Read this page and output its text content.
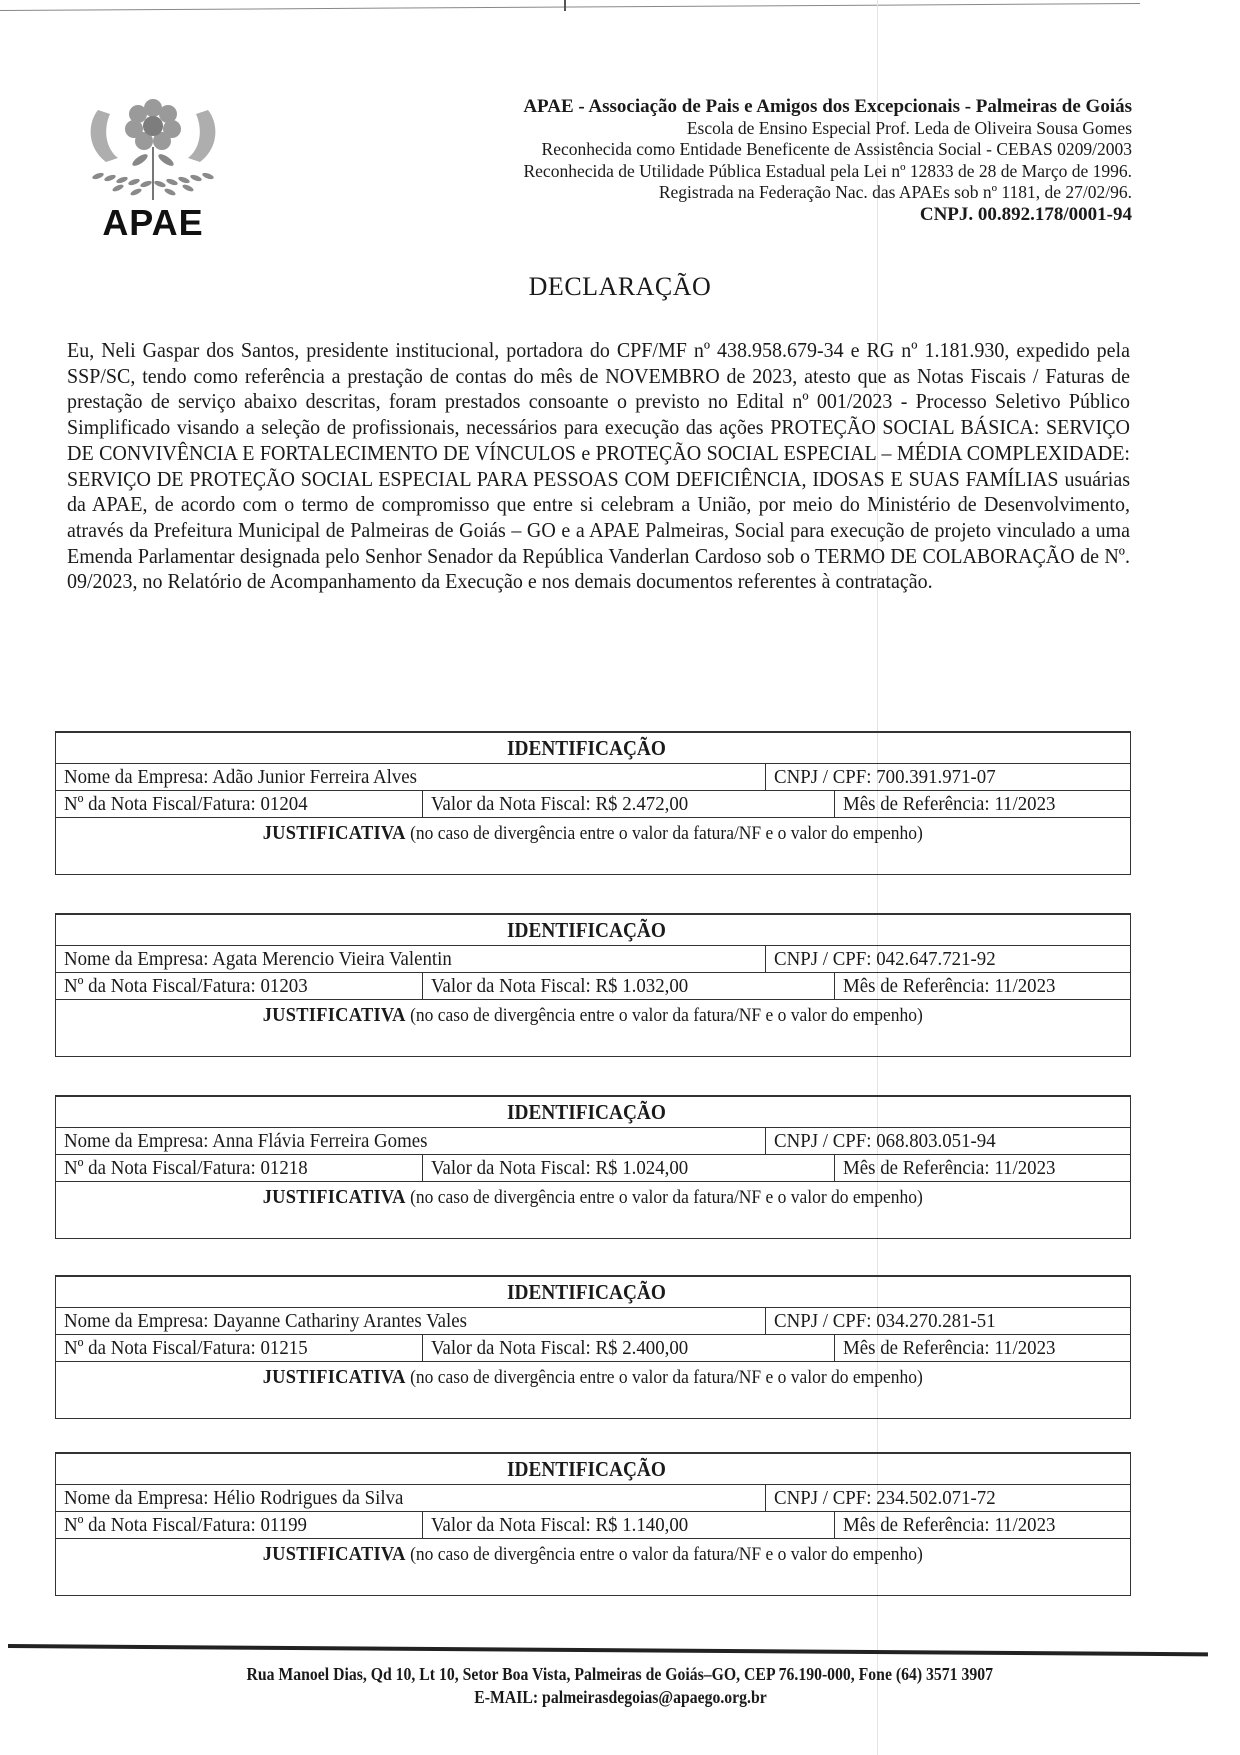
APAE
APAE - Associação de Pais e Amigos dos Excepcionais - Palmeiras de Goiás
Escola de Ensino Especial Prof. Leda de Oliveira Sousa Gomes
Reconhecida como Entidade Beneficente de Assistência Social - CEBAS 0209/2003
Reconhecida de Utilidade Pública Estadual pela Lei nº 12833 de 28 de Março de 1996.
Registrada na Federação Nac. das APAEs sob nº 1181, de 27/02/96.
CNPJ. 00.892.178/0001-94
DECLARAÇÃO
Eu, Neli Gaspar dos Santos, presidente institucional, portadora do CPF/MF nº 438.958.679-34 e RG nº 1.181.930, expedido pela SSP/SC, tendo como referência a prestação de contas do mês de NOVEMBRO de 2023, atesto que as Notas Fiscais / Faturas de prestação de serviço abaixo descritas, foram prestados consoante o previsto no Edital nº 001/2023 - Processo Seletivo Público Simplificado visando a seleção de profissionais, necessários para execução das ações PROTEÇÃO SOCIAL BÁSICA: SERVIÇO DE CONVIVÊNCIA E FORTALECIMENTO DE VÍNCULOS e PROTEÇÃO SOCIAL ESPECIAL – MÉDIA COMPLEXIDADE: SERVIÇO DE PROTEÇÃO SOCIAL ESPECIAL PARA PESSOAS COM DEFICIÊNCIA, IDOSAS E SUAS FAMÍLIAS usuárias da APAE, de acordo com o termo de compromisso que entre si celebram a União, por meio do Ministério de Desenvolvimento, através da Prefeitura Municipal de Palmeiras de Goiás – GO e a APAE Palmeiras, Social para execução de projeto vinculado a uma Emenda Parlamentar designada pelo Senhor Senador da República Vanderlan Cardoso sob o TERMO DE COLABORAÇÃO de Nº. 09/2023, no Relatório de Acompanhamento da Execução e nos demais documentos referentes à contratação.
IDENTIFICAÇÃO
Nome da Empresa: Adão Junior Ferreira Alves	CNPJ / CPF: 700.391.971-07
Nº da Nota Fiscal/Fatura: 01204	Valor da Nota Fiscal: R$ 2.472,00	Mês de Referência: 11/2023
JUSTIFICATIVA (no caso de divergência entre o valor da fatura/NF e o valor do empenho)
IDENTIFICAÇÃO
Nome da Empresa: Agata Merencio Vieira Valentin	CNPJ / CPF: 042.647.721-92
Nº da Nota Fiscal/Fatura: 01203	Valor da Nota Fiscal: R$ 1.032,00	Mês de Referência: 11/2023
JUSTIFICATIVA (no caso de divergência entre o valor da fatura/NF e o valor do empenho)
IDENTIFICAÇÃO
Nome da Empresa: Anna Flávia Ferreira Gomes	CNPJ / CPF: 068.803.051-94
Nº da Nota Fiscal/Fatura: 01218	Valor da Nota Fiscal: R$ 1.024,00	Mês de Referência: 11/2023
JUSTIFICATIVA (no caso de divergência entre o valor da fatura/NF e o valor do empenho)
IDENTIFICAÇÃO
Nome da Empresa: Dayanne Cathariny Arantes Vales	CNPJ / CPF: 034.270.281-51
Nº da Nota Fiscal/Fatura: 01215	Valor da Nota Fiscal: R$ 2.400,00	Mês de Referência: 11/2023
JUSTIFICATIVA (no caso de divergência entre o valor da fatura/NF e o valor do empenho)
IDENTIFICAÇÃO
Nome da Empresa: Hélio Rodrigues da Silva	CNPJ / CPF: 234.502.071-72
Nº da Nota Fiscal/Fatura: 01199	Valor da Nota Fiscal: R$ 1.140,00	Mês de Referência: 11/2023
JUSTIFICATIVA (no caso de divergência entre o valor da fatura/NF e o valor do empenho)
Rua Manoel Dias, Qd 10, Lt 10, Setor Boa Vista, Palmeiras de Goiás–GO, CEP 76.190-000, Fone (64) 3571 3907
E-MAIL: palmeirasdegoias@apaego.org.br
